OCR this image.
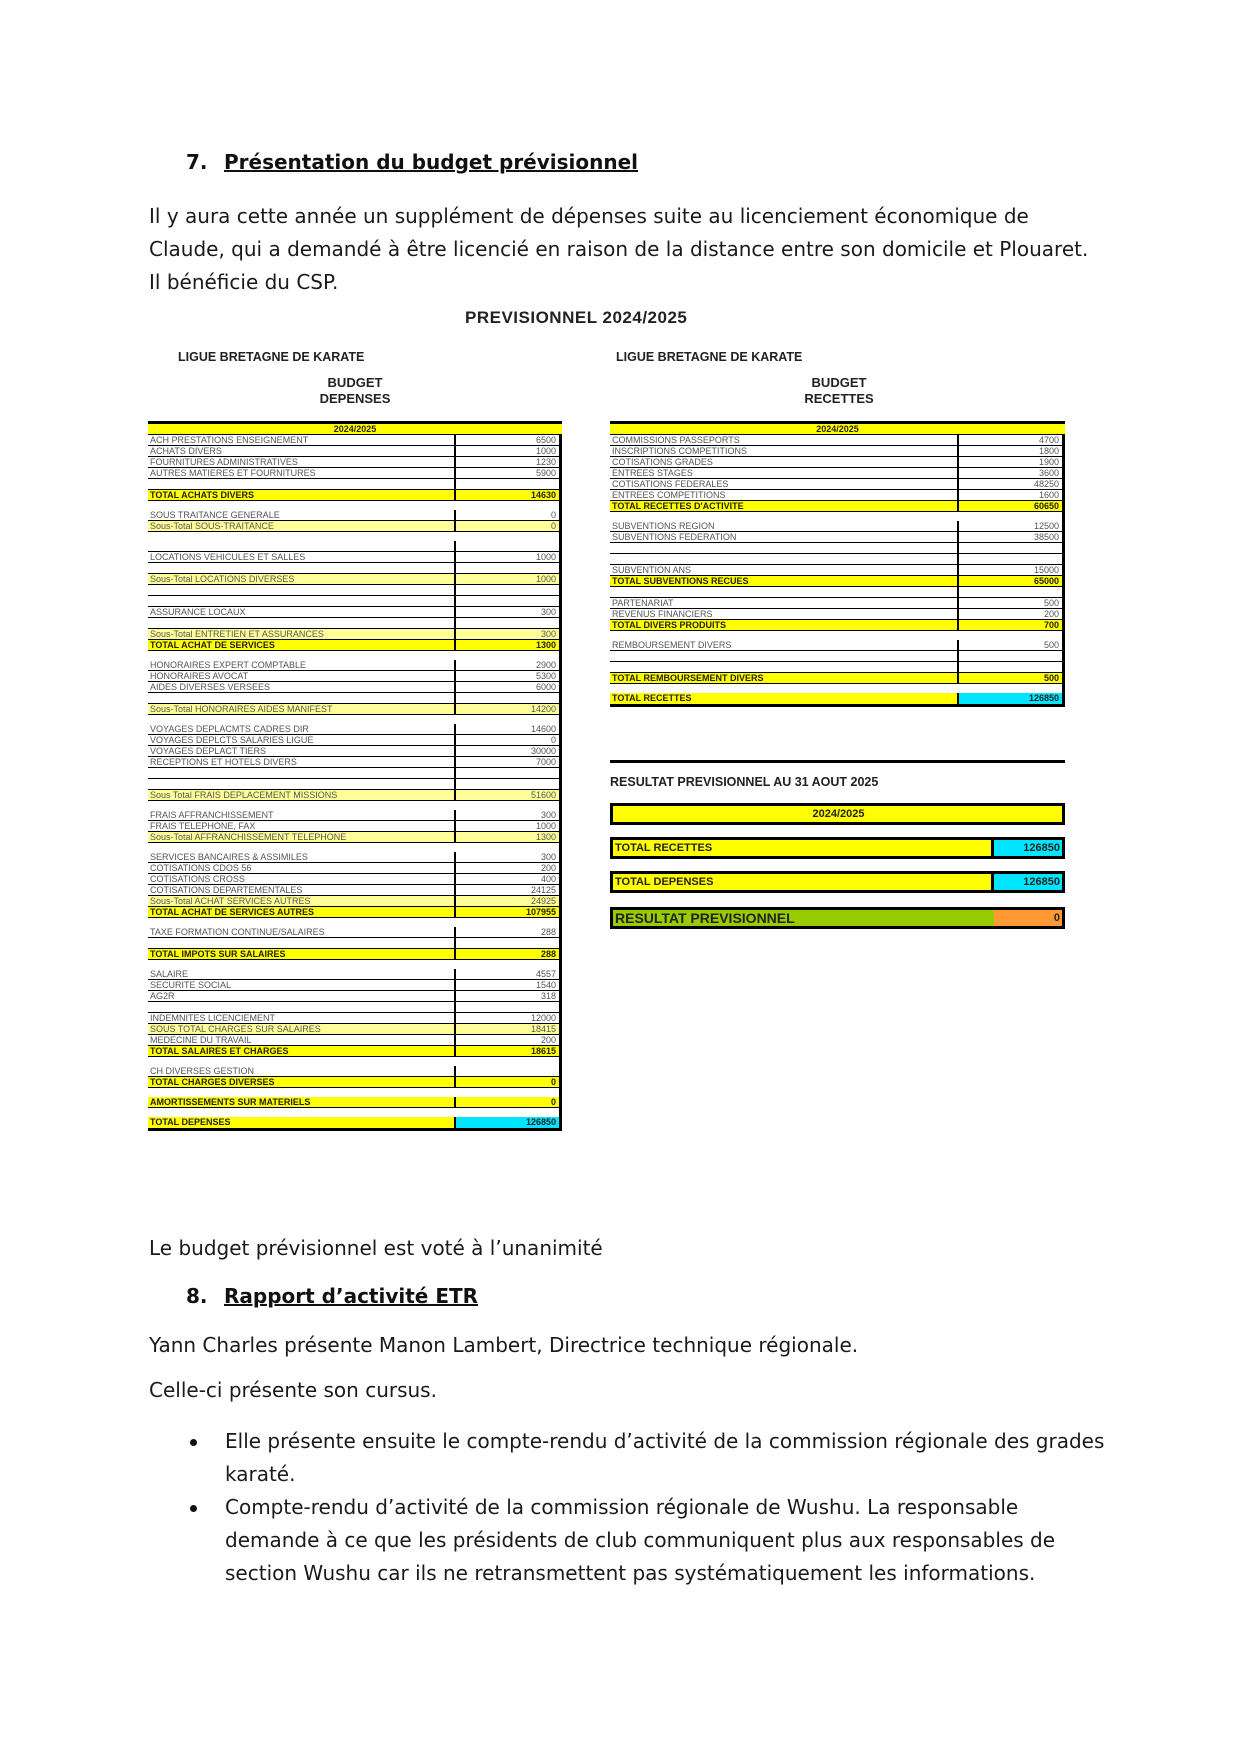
7. Présentation du budget prévisionnel
Il y aura cette année un supplément de dépenses suite au licenciement économique de
Claude, qui a demandé à être licencié en raison de la distance entre son domicile et Plouaret.
Il bénéficie du CSP.
PREVISIONNEL 2024/2025
LIGUE BRETAGNE DE KARATE
BUDGET
DEPENSES
LIGUE BRETAGNE DE KARATE
BUDGET
RECETTES
2024/2025
ACH PRESTATIONS ENSEIGNEMENT	6500
ACHATS DIVERS	1000
FOURNITURES ADMINISTRATIVES	1230
AUTRES MATIERES ET FOURNITURES	5900
TOTAL ACHATS DIVERS	14630
SOUS TRAITANCE GENERALE	0
Sous-Total SOUS-TRAITANCE	0
LOCATIONS VEHICULES ET SALLES	1000
Sous-Total LOCATIONS DIVERSES	1000
ASSURANCE LOCAUX	300
Sous-Total ENTRETIEN ET ASSURANCES	300
TOTAL ACHAT DE SERVICES	1300
HONORAIRES EXPERT COMPTABLE	2900
HONORAIRES AVOCAT	5300
AIDES DIVERSES VERSEES	6000
Sous-Total HONORAIRES AIDES MANIFEST	14200
VOYAGES DEPLACMTS CADRES DIR	14600
VOYAGES DEPLCTS SALARIES LIGUE	0
VOYAGES DEPLACT TIERS	30000
RECEPTIONS ET HOTELS DIVERS	7000
Sous Total FRAIS DEPLACEMENT MISSIONS	51600
FRAIS AFFRANCHISSEMENT	300
FRAIS TELEPHONE, FAX	1000
Sous-Total AFFRANCHISSEMENT TELEPHONE	1300
SERVICES BANCAIRES & ASSIMILES	300
COTISATIONS CDOS 56	200
COTISATIONS CROSS	400
COTISATIONS DEPARTEMENTALES	24125
Sous-Total ACHAT SERVICES AUTRES	24925
TOTAL ACHAT DE SERVICES AUTRES	107955
TAXE FORMATION CONTINUE/SALAIRES	288
TOTAL IMPOTS SUR SALAIRES	288
SALAIRE	4557
SECURITE SOCIAL	1540
AG2R	318
INDEMNITES LICENCIEMENT	12000
SOUS TOTAL CHARGES SUR SALAIRES	18415
MEDECINE DU TRAVAIL	200
TOTAL SALAIRES ET CHARGES	18615
CH DIVERSES GESTION
TOTAL CHARGES DIVERSES	0
AMORTISSEMENTS SUR MATERIELS	0
TOTAL DEPENSES	126850
2024/2025
COMMISSIONS PASSEPORTS	4700
INSCRIPTIONS COMPETITIONS	1800
COTISATIONS GRADES	1900
ENTREES STAGES	3600
COTISATIONS FEDERALES	48250
ENTREES COMPETITIONS	1600
TOTAL RECETTES D'ACTIVITE	60650
SUBVENTIONS REGION	12500
SUBVENTIONS FEDERATION	38500
SUBVENTION ANS	15000
TOTAL SUBVENTIONS RECUES	65000
PARTENARIAT	500
REVENUS FINANCIERS	200
TOTAL DIVERS PRODUITS	700
REMBOURSEMENT DIVERS	500
TOTAL REMBOURSEMENT DIVERS	500
TOTAL RECETTES	126850
RESULTAT PREVISIONNEL AU 31 AOUT 2025
2024/2025
TOTAL RECETTES	126850
TOTAL DEPENSES	126850
RESULTAT PREVISIONNEL	0
Le budget prévisionnel est voté à l’unanimité
8. Rapport d’activité ETR
Yann Charles présente Manon Lambert, Directrice technique régionale.
Celle-ci présente son cursus.
Elle présente ensuite le compte-rendu d’activité de la commission régionale des grades karaté.
Compte-rendu d’activité de la commission régionale de Wushu. La responsable demande à ce que les présidents de club communiquent plus aux responsables de section Wushu car ils ne retransmettent pas systématiquement les informations.
